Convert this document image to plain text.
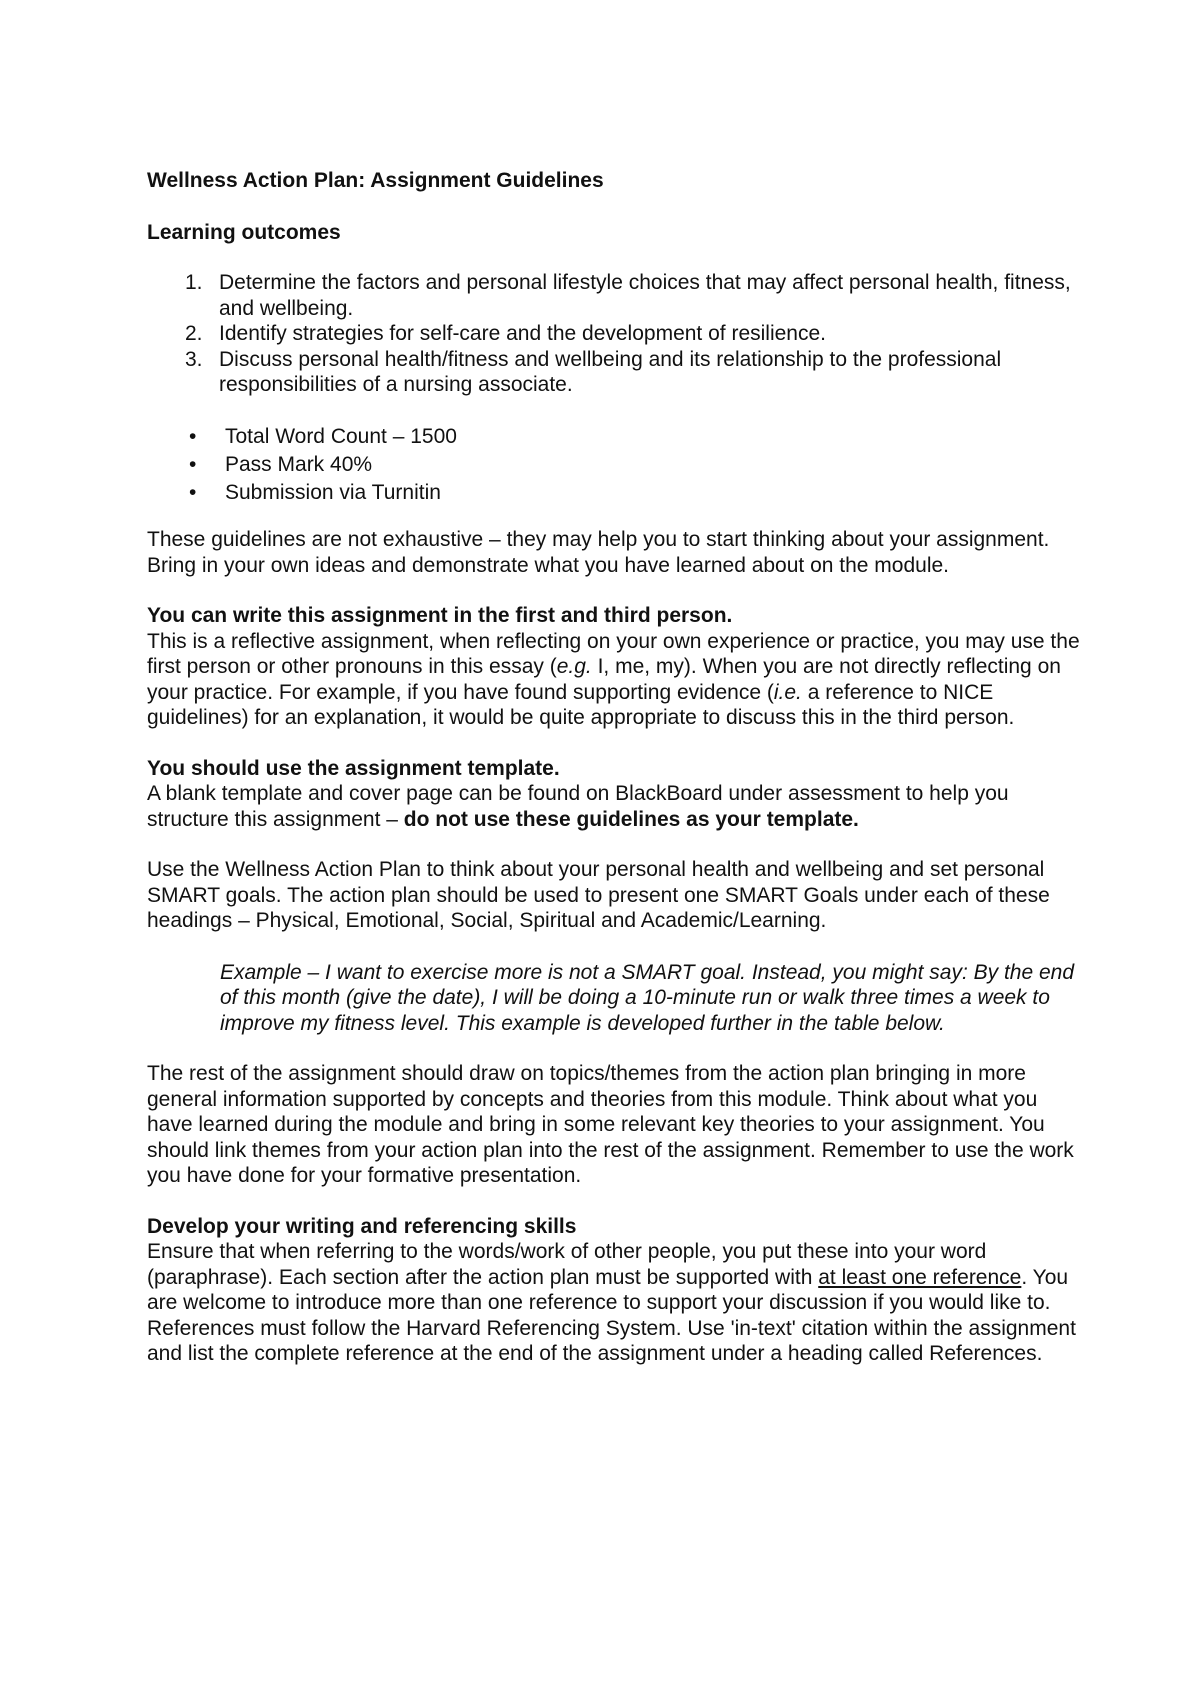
Wellness Action Plan: Assignment Guidelines

Learning outcomes

1. Determine the factors and personal lifestyle choices that may affect personal health, fitness, and wellbeing.
2. Identify strategies for self-care and the development of resilience.
3. Discuss personal health/fitness and wellbeing and its relationship to the professional responsibilities of a nursing associate.
• Total Word Count – 1500
• Pass Mark 40%
• Submission via Turnitin

These guidelines are not exhaustive – they may help you to start thinking about your assignment. Bring in your own ideas and demonstrate what you have learned about on the module.

You can write this assignment in the first and third person.

This is a reflective assignment, when reflecting on your own experience or practice, you may use the first person or other pronouns in this essay (e.g. I, me, my). When you are not directly reflecting on your practice. For example, if you have found supporting evidence (i.e. a reference to NICE guidelines) for an explanation, it would be quite appropriate to discuss this in the third person.

You should use the assignment template.

A blank template and cover page can be found on BlackBoard under assessment to help you structure this assignment – do not use these guidelines as your template.

Use the Wellness Action Plan to think about your personal health and wellbeing and set personal SMART goals. The action plan should be used to present one SMART Goals under each of these headings – Physical, Emotional, Social, Spiritual and Academic/Learning.

Example – I want to exercise more is not a SMART goal. Instead, you might say: By the end of this month (give the date), I will be doing a 10-minute run or walk three times a week to improve my fitness level. This example is developed further in the table below.

The rest of the assignment should draw on topics/themes from the action plan bringing in more general information supported by concepts and theories from this module. Think about what you have learned during the module and bring in some relevant key theories to your assignment. You should link themes from your action plan into the rest of the assignment. Remember to use the work you have done for your formative presentation.

Develop your writing and referencing skills

Ensure that when referring to the words/work of other people, you put these into your word (paraphrase). Each section after the action plan must be supported with at least one reference. You are welcome to introduce more than one reference to support your discussion if you would like to. References must follow the Harvard Referencing System. Use 'in-text' citation within the assignment and list the complete reference at the end of the assignment under a heading called References.
